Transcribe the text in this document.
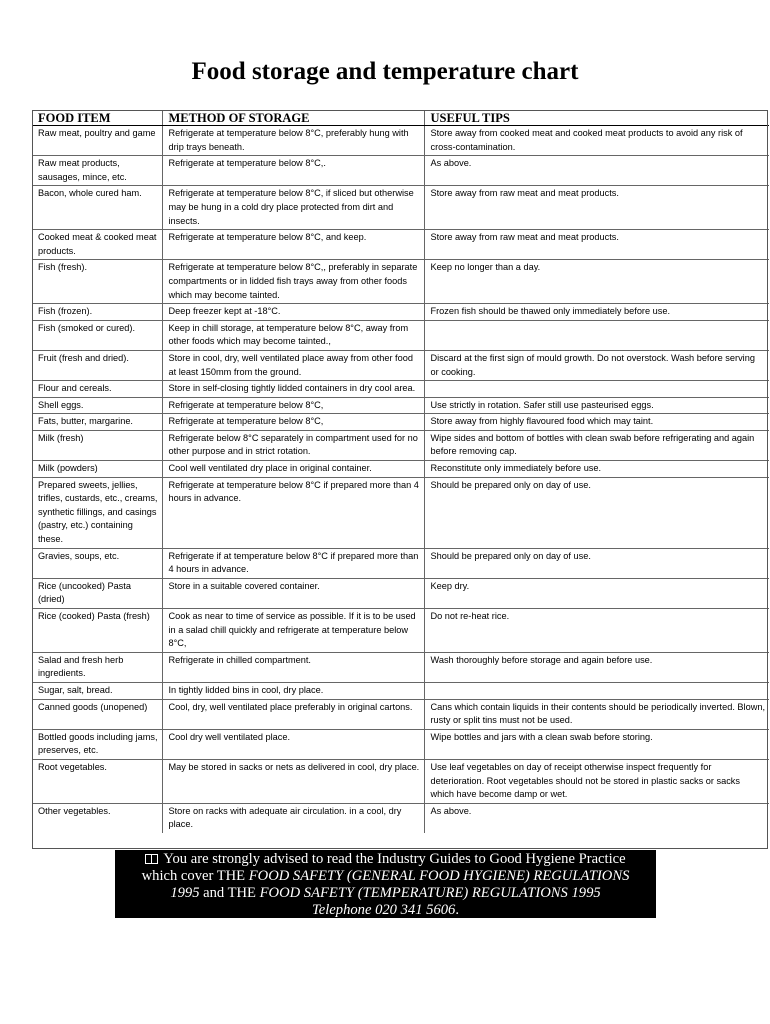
Food storage and temperature chart
FOOD ITEM	METHOD OF STORAGE	USEFUL TIPS
Raw meat, poultry and game	Refrigerate at temperature below 8°C, preferably hung with drip trays beneath.	Store away from cooked meat and cooked meat products to avoid any risk of cross-contamination.
Raw meat products, sausages, mince, etc.	Refrigerate at temperature below 8°C,.	As above.
Bacon, whole cured ham.	Refrigerate at temperature below 8°C, if sliced but otherwise may be hung in a cold dry place protected from dirt and insects.	Store away from raw meat and meat products.
Cooked meat & cooked meat products.	Refrigerate at temperature below 8°C, and keep.	Store away from raw meat and meat products.
Fish (fresh).	Refrigerate at temperature below 8°C,, preferably in separate compartments or in lidded fish trays away from other foods which may become tainted.	Keep no longer than a day.
Fish (frozen).	Deep freezer kept at -18°C.	Frozen fish should be thawed only immediately before use.
Fish (smoked or cured).	Keep in chill storage, at temperature below 8°C, away from other foods which may become tainted.,	
Fruit (fresh and dried).	Store in cool, dry, well ventilated place away from other food at least 150mm from the ground.	Discard at the first sign of mould growth. Do not overstock. Wash before serving or cooking.
Flour and cereals.	Store in self-closing tightly lidded containers in dry cool area.	
Shell eggs.	Refrigerate at temperature below 8°C,	Use strictly in rotation. Safer still use pasteurised eggs.
Fats, butter, margarine.	Refrigerate at temperature below 8°C,	Store away from highly flavoured food which may taint.
Milk (fresh)	Refrigerate below 8°C separately in compartment used for no other purpose and in strict rotation.	Wipe sides and bottom of bottles with clean swab before refrigerating and again before removing cap.
Milk (powders)	Cool well ventilated dry place in original container.	Reconstitute only immediately before use.
Prepared sweets, jellies, trifles, custards, etc., creams, synthetic fillings, and casings (pastry, etc.) containing these.	Refrigerate at temperature below 8°C if prepared more than 4 hours in advance.	Should be prepared only on day of use.
Gravies, soups, etc.	Refrigerate if at temperature below 8°C if prepared more than 4 hours in advance.	Should be prepared only on day of use.
Rice (uncooked) Pasta (dried)	Store in a suitable covered container.	Keep dry.
Rice (cooked) Pasta (fresh)	Cook as near to time of service as possible. If it is to be used in a salad chill quickly and refrigerate at temperature below 8°C,	Do not re-heat rice.
Salad and fresh herb ingredients.	Refrigerate in chilled compartment.	Wash thoroughly before storage and again before use.
Sugar, salt, bread.	In tightly lidded bins in cool, dry place.	
Canned goods (unopened)	Cool, dry, well ventilated place preferably in original cartons.	Cans which contain liquids in their contents should be periodically inverted. Blown, rusty or split tins must not be used.
Bottled goods including jams, preserves, etc.	Cool dry well ventilated place.	Wipe bottles and jars with a clean swab before storing.
Root vegetables.	May be stored in sacks or nets as delivered in cool, dry place.	Use leaf vegetables on day of receipt otherwise inspect frequently for deterioration. Root vegetables should not be stored in plastic sacks or sacks which have become damp or wet.
Other vegetables.	Store on racks with adequate air circulation. in a cool, dry place.	As above.
You are strongly advised to read the Industry Guides to Good Hygiene Practice
which cover THE FOOD SAFETY (GENERAL FOOD HYGIENE) REGULATIONS
1995 and THE FOOD SAFETY (TEMPERATURE) REGULATIONS 1995
Telephone 020 341 5606.
